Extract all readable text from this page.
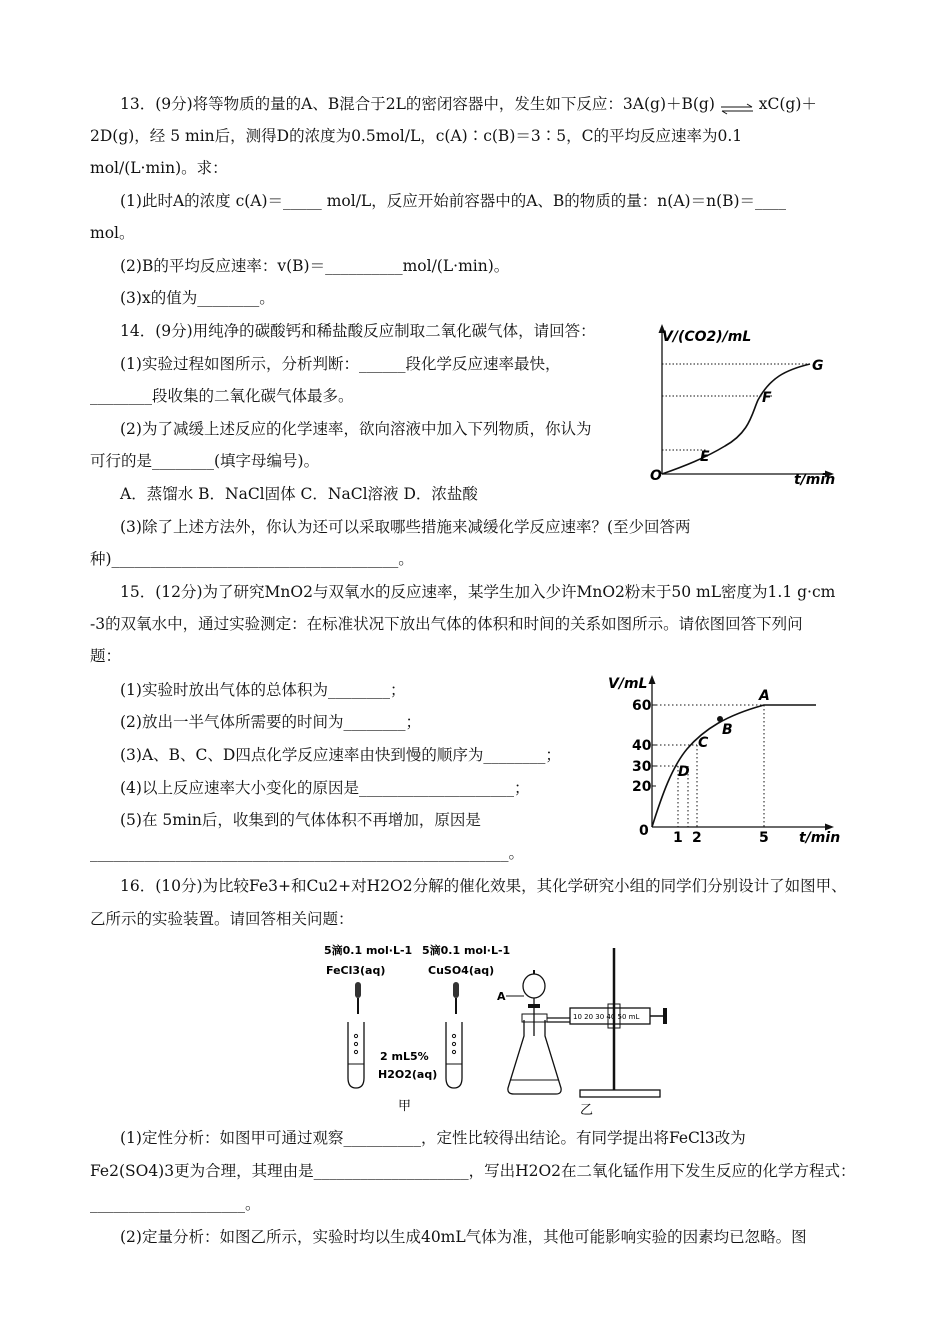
13．(9分)将等物质的量的A、B混合于2L的密闭容器中，发生如下反应：3A(g)＋B(g) ⇌ xC(g)＋
2D(g)，经 5 min后，测得D的浓度为0.5mol/L，c(A)∶c(B)＝3∶5，C的平均反应速率为0.1
mol/(L·min)。求：
(1)此时A的浓度 c(A)＝_____ mol/L，反应开始前容器中的A、B的物质的量：n(A)＝n(B)＝____
mol。
(2)B的平均反应速率：v(B)＝__________mol/(L·min)。
(3)x的值为________。
14．(9分)用纯净的碳酸钙和稀盐酸反应制取二氧化碳气体，请回答：
(1)实验过程如图所示，分析判断：______段化学反应速率最快，
________段收集的二氧化碳气体最多。
(2)为了减缓上述反应的化学速率，欲向溶液中加入下列物质，你认为
可行的是________(填字母编号)。
A．蒸馏水 B．NaCl固体 C．NaCl溶液 D．浓盐酸
(3)除了上述方法外，你认为还可以采取哪些措施来减缓化学反应速率？(至少回答两
种)_____________________________________。
V/(CO2)/mL
t/min
O
E
F
G
15．(12分)为了研究MnO2与双氧水的反应速率，某学生加入少许MnO2粉末于50 mL密度为1.1 g·cm
-3的双氧水中，通过实验测定：在标准状况下放出气体的体积和时间的关系如图所示。请依图回答下列问
题：
(1)实验时放出气体的总体积为________；
(2)放出一半气体所需要的时间为________；
(3)A、B、C、D四点化学反应速率由快到慢的顺序为________；
(4)以上反应速率大小变化的原因是____________________；
(5)在 5min后，收集到的气体体积不再增加，原因是
______________________________________________________。
V/mL
t/min
0
60
40
30
20
1 2	5
A
B
C
D
16．(10分)为比较Fe3+和Cu2+对H2O2分解的催化效果，其化学研究小组的同学们分别设计了如图甲、
乙所示的实验装置。请回答相关问题：
5滴0.1 mol·L-1
FeCl3(aq)
5滴0.1 mol·L-1
CuSO4(aq)
2 mL5%
H2O2(aq)
甲
A
10 20 30 40 50 mL
乙
(1)定性分析：如图甲可通过观察__________，定性比较得出结论。有同学提出将FeCl3改为
Fe2(SO4)3更为合理，其理由是____________________，写出H2O2在二氧化锰作用下发生反应的化学方程式：
____________________。
(2)定量分析：如图乙所示，实验时均以生成40mL气体为准，其他可能影响实验的因素均已忽略。图
